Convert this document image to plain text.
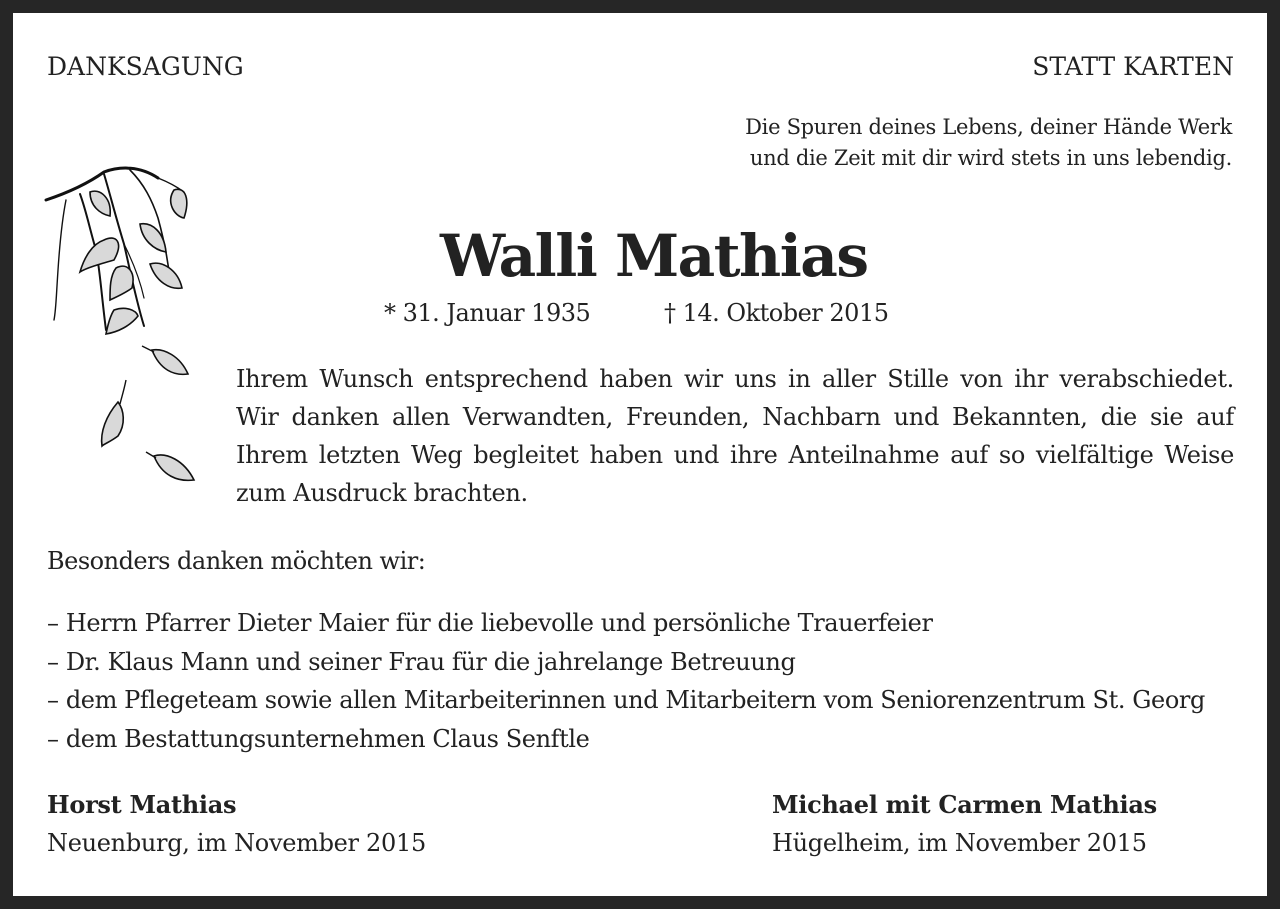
DANKSAGUNG	STATT KARTEN
Die Spuren deines Lebens, deiner Hände Werk
und die Zeit mit dir wird stets in uns lebendig.
Walli Mathias
* 31. Januar 1935	† 14. Oktober 2015
Ihrem Wunsch entsprechend haben wir uns in aller Stille von ihr verabschiedet.
Wir danken allen Verwandten, Freunden, Nachbarn und Bekannten, die sie auf
Ihrem letzten Weg begleitet haben und ihre Anteilnahme auf so vielfältige Weise
zum Ausdruck brachten.
Besonders danken möchten wir:
– Herrn Pfarrer Dieter Maier für die liebevolle und persönliche Trauerfeier
– Dr. Klaus Mann und seiner Frau für die jahrelange Betreuung
– dem Pflegeteam sowie allen Mitarbeiterinnen und Mitarbeitern vom Seniorenzentrum St. Georg
– dem Bestattungsunternehmen Claus Senftle
Horst Mathias
Neuenburg, im November 2015
Michael mit Carmen Mathias
Hügelheim, im November 2015
